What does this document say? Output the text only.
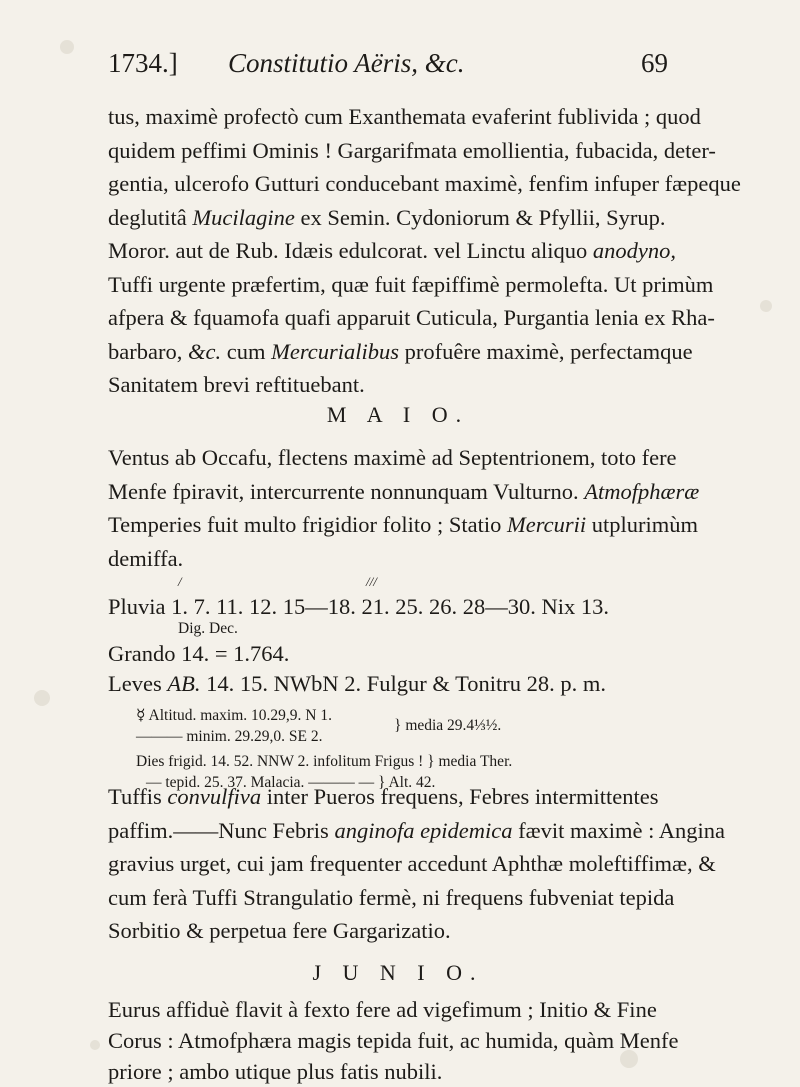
1734.] Constitutio Aëris, &c.	69

tus, maximè profectò cum Exanthemata evaferint fublivida ; quod
quidem peffimi Ominis ! Gargarifmata emollientia, fubacida, deter-
gentia, ulcerofo Gutturi conducebant maximè, fenfim infuper fæpeque
deglutitâ Mucilagine ex Semin. Cydoniorum & Pfyllii, Syrup.
Moror. aut de Rub. Idæis edulcorat. vel Linctu aliquo anodyno,
Tuffi urgente præfertim, quæ fuit fæpiffimè permolefta. Ut primùm
afpera & fquamofa quafi apparuit Cuticula, Purgantia lenia ex Rha-
barbaro, &c. cum Mercurialibus profuêre maximè, perfectamque
Sanitatem brevi reftituebant.

M A I O.

Ventus ab Occafu, flectens maximè ad Septentrionem, toto fere
Menfe fpiravit, intercurrente nonnunquam Vulturno. Atmofphæræ
Temperies fuit multo frigidior folito ; Statio Mercurii utplurimùm
demiffa.

/	///

Pluvia 1. 7. 11. 12. 15—18. 21. 25. 26. 28—30. Nix 13.

Dig. Dec.

Grando 14. = 1.764.
Leves AB. 14. 15. NWbN 2. Fulgur & Tonitru 28. p. m.

☿ Altitud. maxim. 10.29,9. N 1.
——— minim. 29.29,0. SE 2.
} media 29.4⅓½.
Dies frigid. 14. 52. NNW 2. infolitum Frigus ! } media Ther.
— tepid. 25. 37. Malacia. ——— — } Alt. 42.

Tuffis convulfiva inter Pueros frequens, Febres intermittentes
paffim.——Nunc Febris anginofa epidemica fævit maximè : Angina
gravius urget, cui jam frequenter accedunt Aphthæ moleftiffimæ, &
cum ferà Tuffi Strangulatio fermè, ni frequens fubveniat tepida
Sorbitio & perpetua fere Gargarizatio.

J U N I O.

Eurus affiduè flavit à fexto fere ad vigefimum ; Initio & Fine
Corus : Atmofphæra magis tepida fuit, ac humida, quàm Menfe
priore ; ambo utique plus fatis nubili.
